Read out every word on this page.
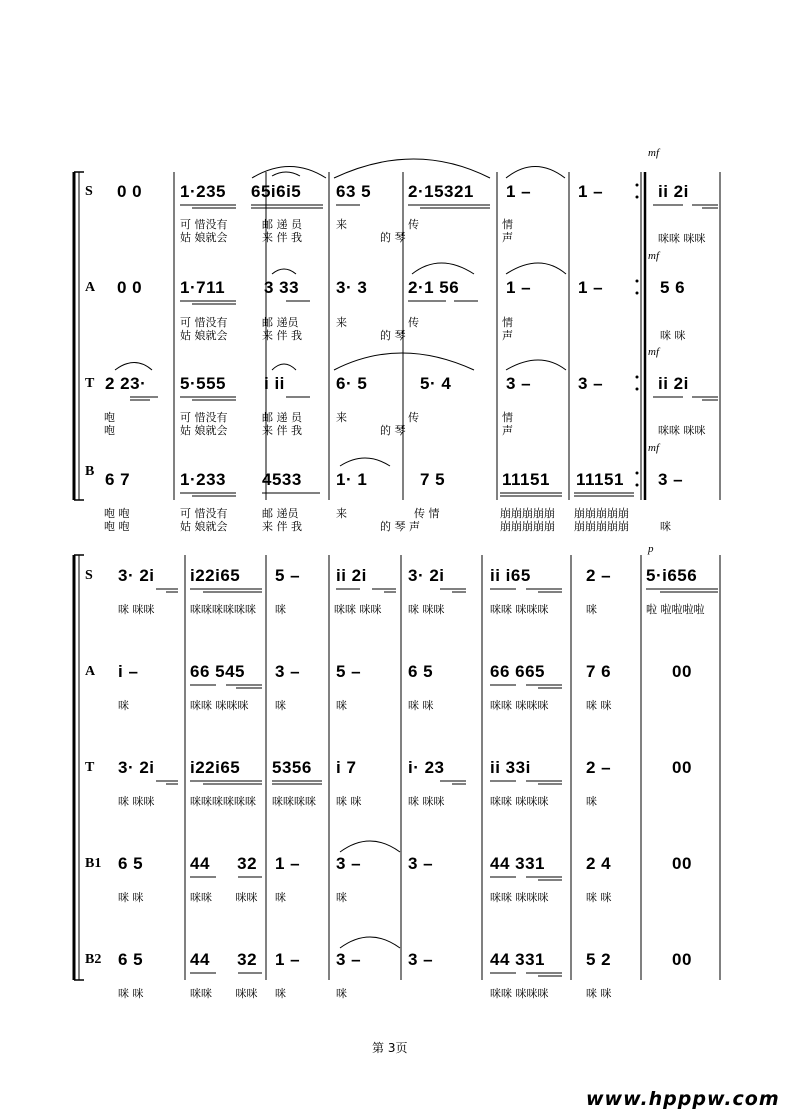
mf
mf
mf
mf
S 0 0 1·235 65i6i5 63 5 2·15321 1 –	1 –	ii 2i
可 惜没有	邮 递 员	来	传	情
咪咪 咪咪
姑 娘就会	来 伴 我	的 琴	声
A 0 0 1·711 3 33 3· 3 2·1 56	1 –	1 –	5 6
可 惜没有	邮 递员	来	传	情
咪 咪
姑 娘就会	来 伴 我	的 琴	声
T 2 23· 5·555 i ii	6· 5	5· 4	3 –	3 –	ii 2i
咆	可 惜没有	邮 递 员	来	传	情
咪咪 咪咪
咆	姑 娘就会	来 伴 我	的 琴	声
B 6 7	1·233 4533 1· 1	7 5	11151 11151 3 –
咆 咆	可 惜没有	邮 递员	来	传 情	崩崩崩崩崩 崩崩崩崩崩
咆 咆	姑 娘就会	来 伴 我	的 琴 声	崩崩崩崩崩 崩崩崩崩崩	咪
p
S 3· 2i i22i65 5 – ii 2i 3· 2i	ii i65	2 – 5·i656
咪 咪咪	咪咪咪咪咪咪 咪	咪咪 咪咪 咪 咪咪	咪咪 咪咪咪	咪	啦 啦啦啦啦
A i –	66 545 3 – 5 –	6 5	66 665 7 6	00
咪	咪咪 咪咪咪 咪	咪	咪 咪	咪咪 咪咪咪	咪 咪
T 3· 2i i22i65 5356 i 7	i· 23	ii 33i	2 –	00
咪 咪咪	咪咪咪咪咪咪 咪咪咪咪 咪 咪	咪 咪咪	咪咪 咪咪咪	咪
B1 6 5	44 32 1 – 3 –	3 –	44 331 2 4	00
咪 咪	咪咪 咪咪 咪	咪	咪咪 咪咪咪	咪 咪
B2 6 5	44 32 1 – 3 –	3 –	44 331 5 2	00
咪 咪	咪咪 咪咪 咪	咪	咪咪 咪咪咪	咪 咪
第 3页
www.hpppw.com
